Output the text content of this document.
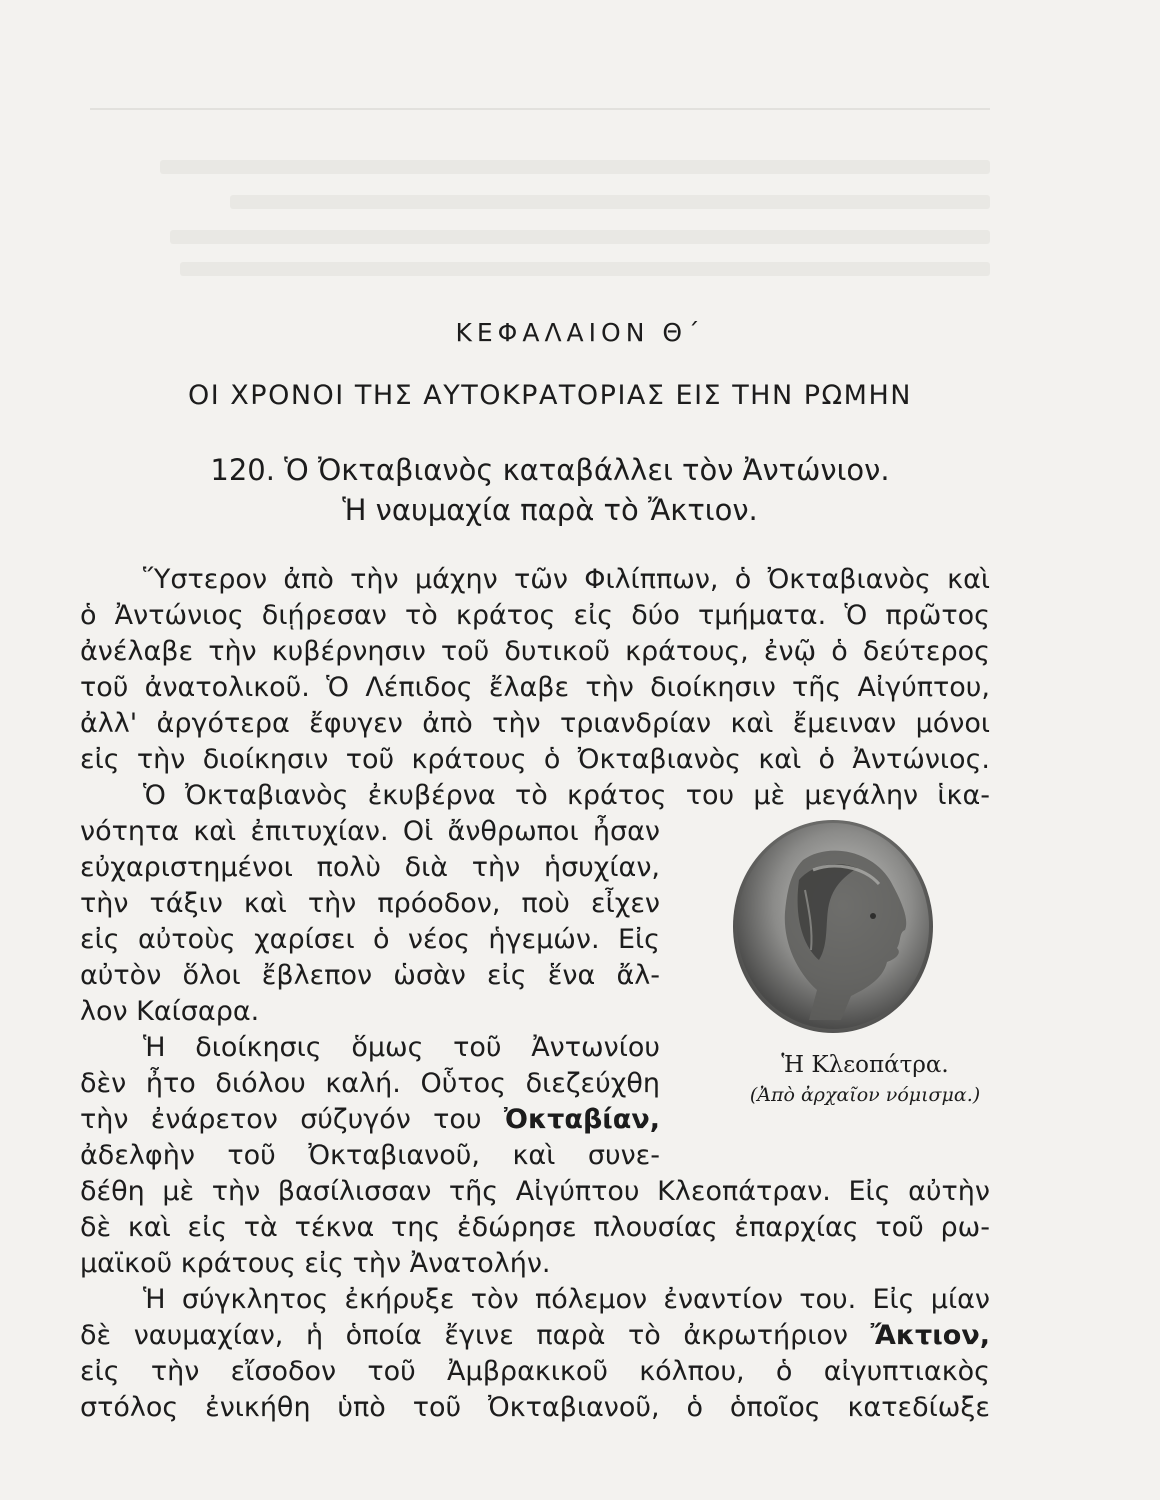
ΚΕΦΑΛΑΙΟΝ Θ΄
ΟΙ ΧΡΟΝΟΙ ΤΗΣ ΑΥΤΟΚΡΑΤΟΡΙΑΣ ΕΙΣ ΤΗΝ ΡΩΜΗΝ
120. Ὁ Ὀκταβιανὸς καταβάλλει τὸν Ἀντώνιον.
Ἡ ναυμαχία παρὰ τὸ Ἄκτιον.
Ὕστερον ἀπὸ τὴν μάχην τῶν Φιλίππων, ὁ Ὀκταβιανὸς καὶ
ὁ Ἀντώνιος διῄρεσαν τὸ κράτος εἰς δύο τμήματα. Ὁ πρῶτος
ἀνέλαβε τὴν κυβέρνησιν τοῦ δυτικοῦ κράτους, ἐνῷ ὁ δεύτερος
τοῦ ἀνατολικοῦ. Ὁ Λέπιδος ἔλαβε τὴν διοίκησιν τῆς Αἰγύπτου,
ἀλλ' ἀργότερα ἔφυγεν ἀπὸ τὴν τριανδρίαν καὶ ἔμειναν μόνοι
εἰς τὴν διοίκησιν τοῦ κράτους ὁ Ὀκταβιανὸς καὶ ὁ Ἀντώνιος.
Ὁ Ὀκταβιανὸς ἐκυβέρνα τὸ κράτος του μὲ μεγάλην ἱκα-
νότητα καὶ ἐπιτυχίαν. Οἱ ἄνθρωποι ἦσαν
εὐχαριστημένοι πολὺ διὰ τὴν ἡσυχίαν,
τὴν τάξιν καὶ τὴν πρόοδον, ποὺ εἶχεν
εἰς αὐτοὺς χαρίσει ὁ νέος ἡγεμών. Εἰς
αὐτὸν ὅλοι ἔβλεπον ὡσὰν εἰς ἕνα ἄλ-
λον Καίσαρα.
Ἡ διοίκησις ὅμως τοῦ Ἀντωνίου
δὲν ἦτο διόλου καλή. Οὗτος διεζεύχθη
τὴν ἐνάρετον σύζυγόν του Ὀκταβίαν,
ἀδελφὴν τοῦ Ὀκταβιανοῦ, καὶ συνε-
δέθη μὲ τὴν βασίλισσαν τῆς Αἰγύπτου Κλεοπάτραν. Εἰς αὐτὴν
δὲ καὶ εἰς τὰ τέκνα της ἐδώρησε πλουσίας ἐπαρχίας τοῦ ρω-
μαϊκοῦ κράτους εἰς τὴν Ἀνατολήν.
Ἡ σύγκλητος ἐκήρυξε τὸν πόλεμον ἐναντίον του. Εἰς μίαν
δὲ ναυμαχίαν, ἡ ὁποία ἔγινε παρὰ τὸ ἀκρωτήριον Ἄκτιον,
εἰς τὴν εἴσοδον τοῦ Ἀμβρακικοῦ κόλπου, ὁ αἰγυπτιακὸς
στόλος ἐνικήθη ὑπὸ τοῦ Ὀκταβιανοῦ, ὁ ὁποῖος κατεδίωξε
Ἡ Κλεοπάτρα.
(Ἀπὸ ἀρχαῖον νόμισμα.)
